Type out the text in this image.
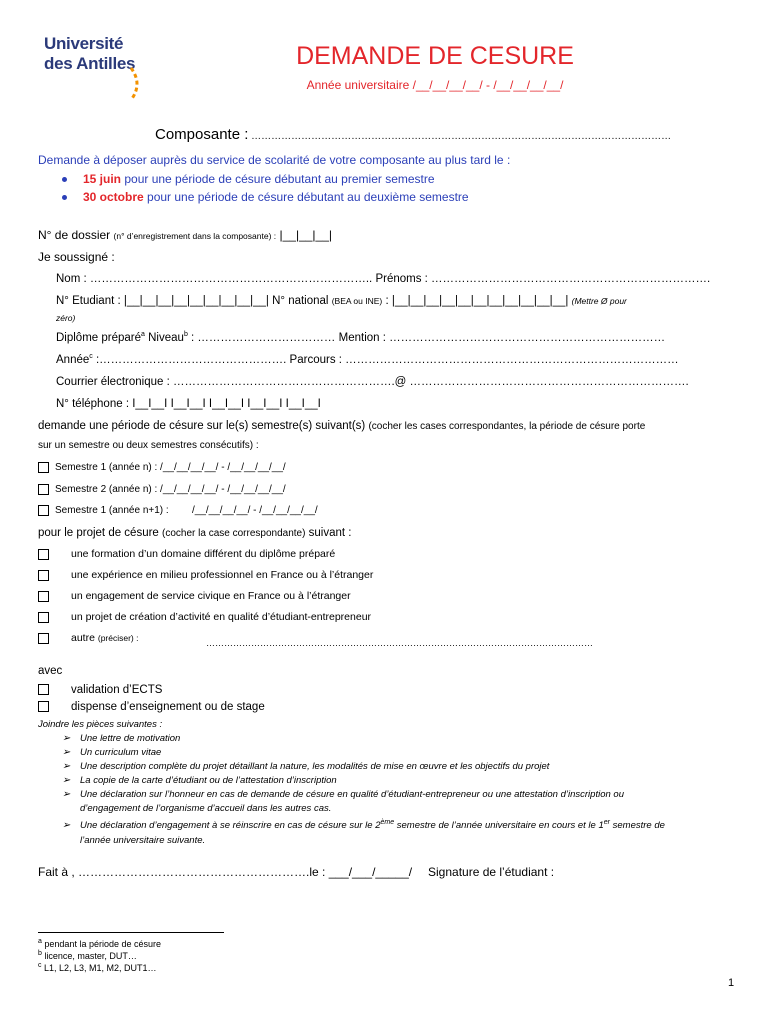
Université
des Antilles	DEMANDE DE CESURE
Année universitaire /__/__/__/__/ - /__/__/__/__/
Composante : ………………………………………………………………………………………………………………
Demande à déposer auprès du service de scolarité de votre composante au plus tard le :
15 juin pour une période de césure débutant au premier semestre
30 octobre pour une période de césure débutant au deuxième semestre
N° de dossier (n° d’enregistrement dans la composante) : |__|__|__|
Je soussigné :
Nom : ……………………………………………………………….. Prénoms : ……………………………………………………………….
N° Etudiant : |__|__|__|__|__|__|__|__|__| N° national (BEA ou INE) : |__|__|__|__|__|__|__|__|__|__|__| (Mettre Ø pour
zéro)
Diplôme préparé$^a$ Niveau$^b$ : ……………………………… Mention : ………………………………………………………………
Année$^c$ :…………………………………………. Parcours : ……………………………………………………………………………
Courrier électronique : ………………………………………………….@ ……………………………………………………………….
N° téléphone : I__I__I I__I__I I__I__I I__I__I I__I__I
demande une période de césure sur le(s) semestre(s) suivant(s) (cocher les cases correspondantes, la période de césure porte
sur un semestre ou deux semestres consécutifs) :
Semestre 1 (année n) : /__/__/__/__/ - /__/__/__/__/
Semestre 2 (année n) : /__/__/__/__/ - /__/__/__/__/
Semestre 1 (année n+1) : /__/__/__/__/ - /__/__/__/__/
pour le projet de césure (cocher la case correspondante) suivant :
une formation d’un domaine différent du diplôme préparé
une expérience en milieu professionnel en France ou à l’étranger
un engagement de service civique en France ou à l’étranger
un projet de création d’activité en qualité d’étudiant-entrepreneur
autre (préciser) :	…………………………………………………………………………………………………………………
avec
validation d’ECTS
dispense d’enseignement ou de stage
Joindre les pièces suivantes :
➢ Une lettre de motivation
➢ Un curriculum vitae
➢ Une description complète du projet détaillant la nature, les modalités de mise en œuvre et les objectifs du projet
➢ La copie de la carte d’étudiant ou de l’attestation d’inscription
➢ Une déclaration sur l’honneur en cas de demande de césure en qualité d’étudiant-entrepreneur ou une attestation d’inscription ou
d’engagement de l’organisme d’accueil dans les autres cas.
➢ Une déclaration d’engagement à se réinscrire en cas de césure sur le 2ème semestre de l’année universitaire en cours et le 1er semestre de
l’année universitaire suivante.
Fait à , ………………………………………………….le : ___/___/_____/ Signature de l’étudiant :
$^a$ pendant la période de césure
$^b$ licence, master, DUT…
$^c$ L1, L2, L3, M1, M2, DUT1…
1
